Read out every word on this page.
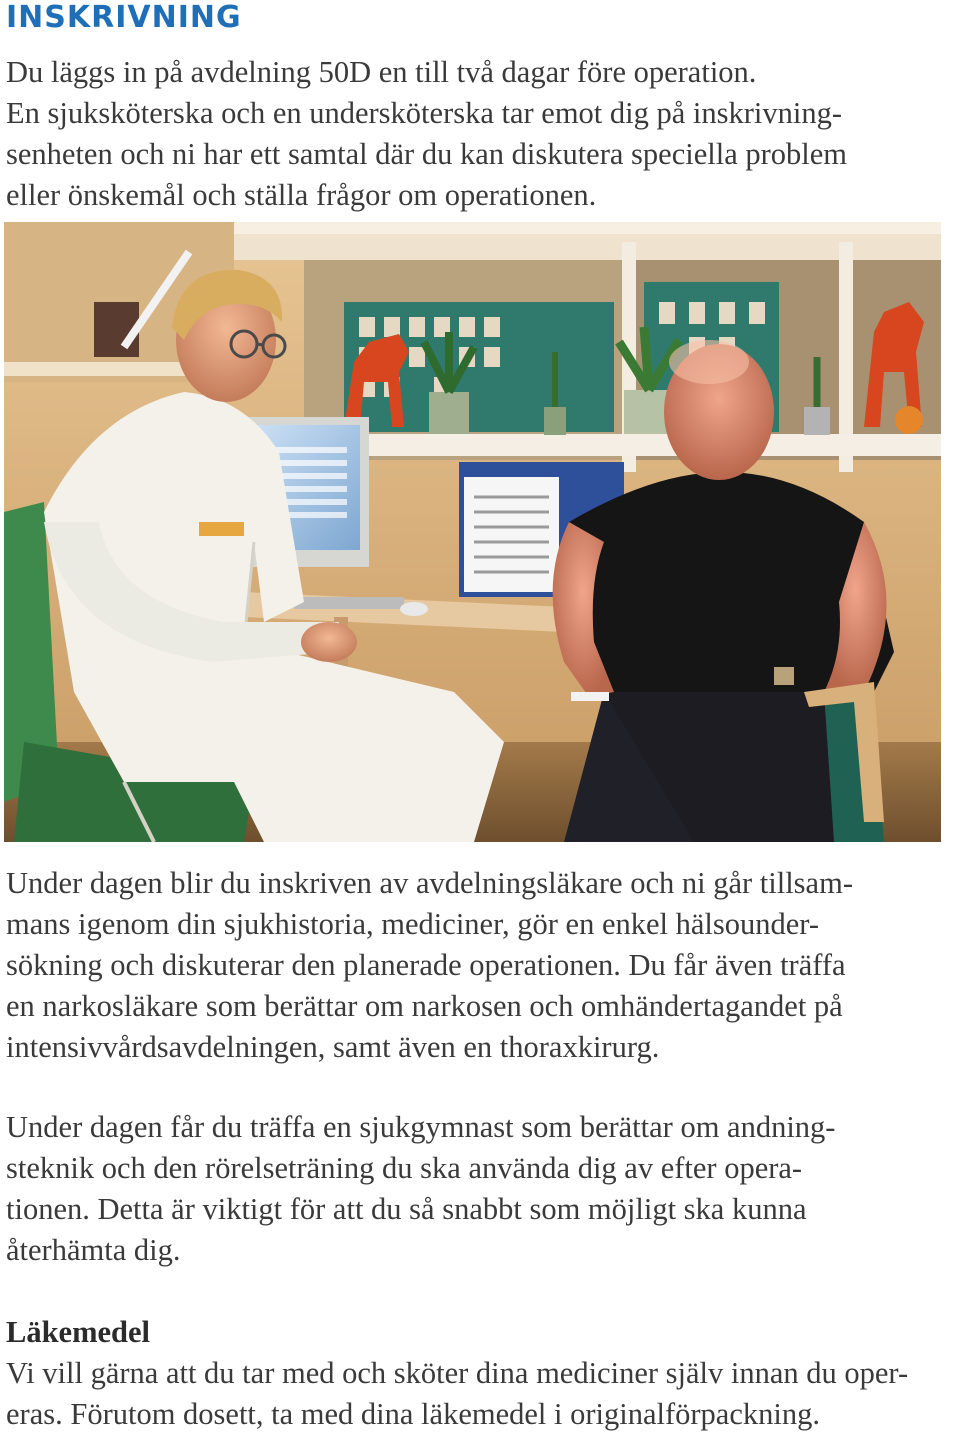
INSKRIVNING

Du läggs in på avdelning 50D en till två dagar före operation.
En sjuksköterska och en undersköterska tar emot dig på inskrivning-
senheten och ni har ett samtal där du kan diskutera speciella problem
eller önskemål och ställa frågor om operationen.

Under dagen blir du inskriven av avdelningsläkare och ni går tillsam-
mans igenom din sjukhistoria, mediciner, gör en enkel hälsounder-
sökning och diskuterar den planerade operationen. Du får även träffa
en narkosläkare som berättar om narkosen och omhändertagandet på
intensivvårdsavdelningen, samt även en thoraxkirurg.

Under dagen får du träffa en sjukgymnast som berättar om andning-
steknik och den rörelseträning du ska använda dig av efter opera-
tionen. Detta är viktigt för att du så snabbt som möjligt ska kunna
återhämta dig.

Läkemedel

Vi vill gärna att du tar med och sköter dina mediciner själv innan du oper-
eras. Förutom dosett, ta med dina läkemedel i originalförpackning.
